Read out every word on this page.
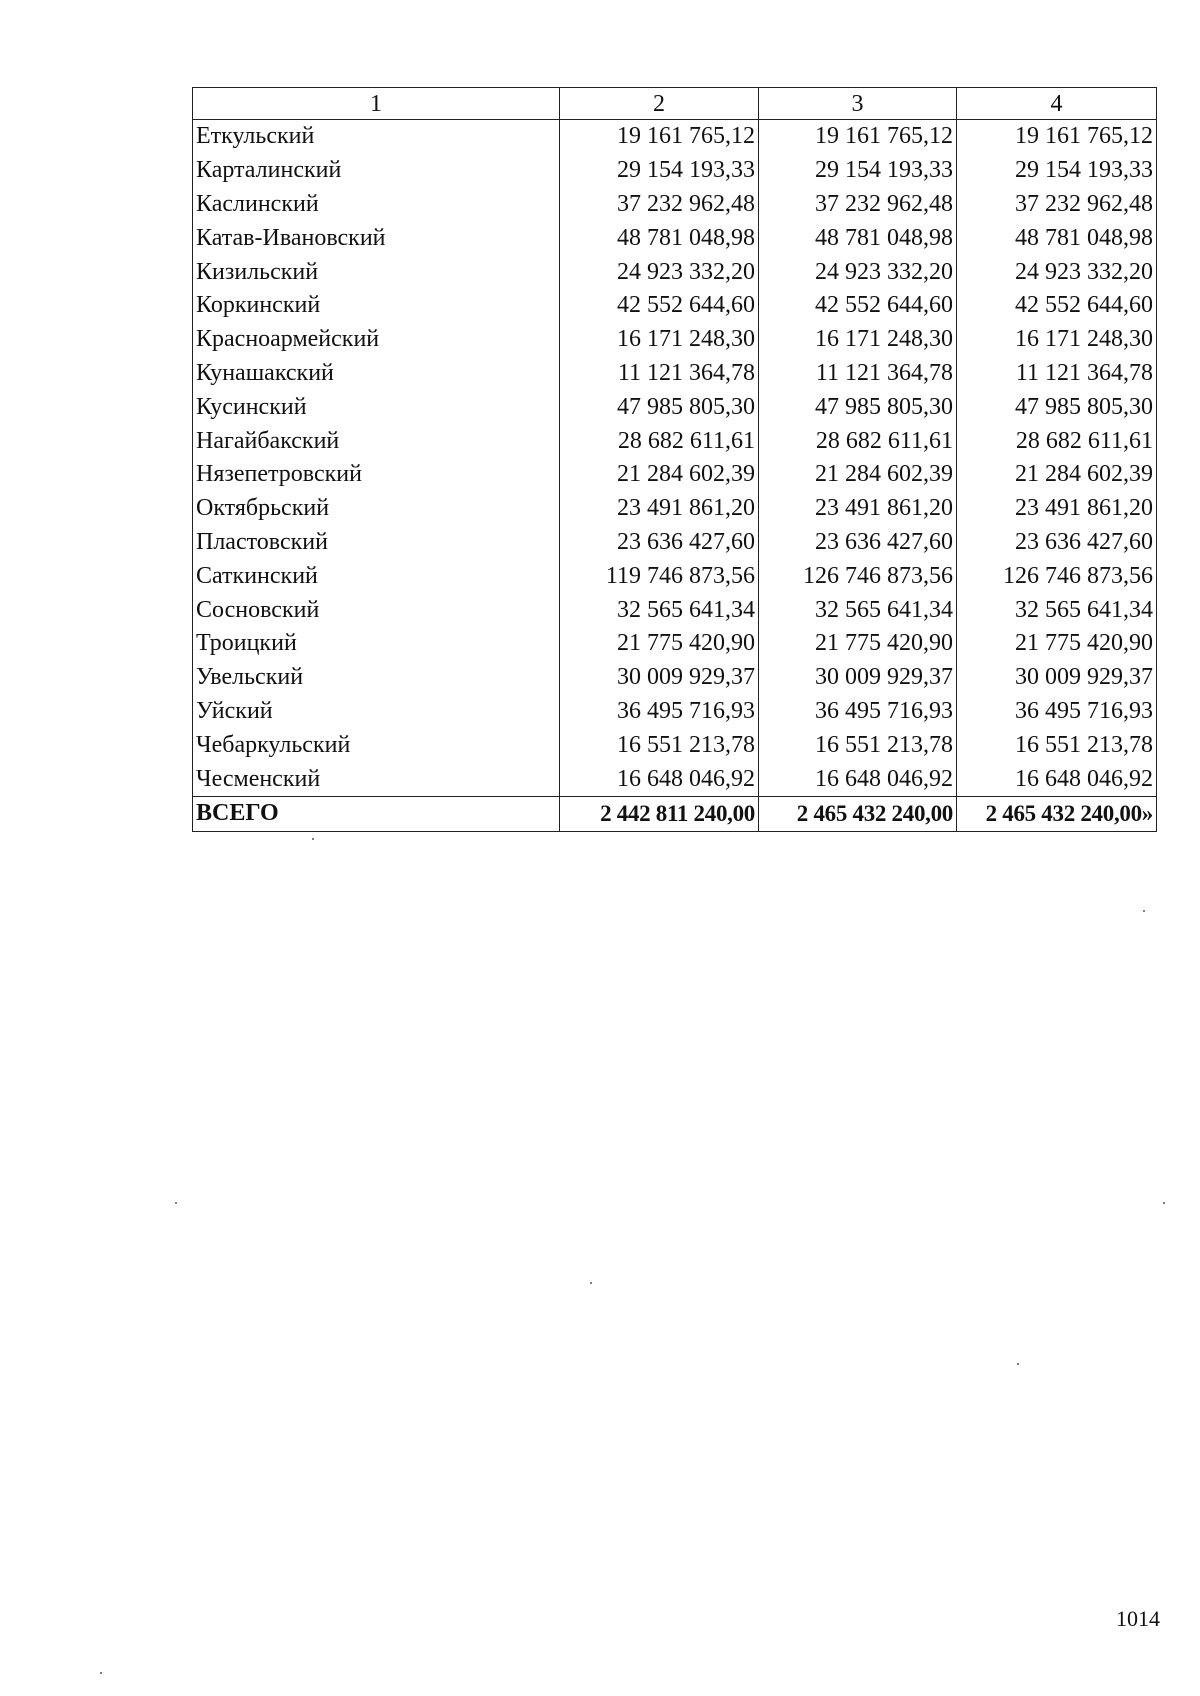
1	2	3	4
Еткульский	19 161 765,12	19 161 765,12	19 161 765,12
Карталинский	29 154 193,33	29 154 193,33	29 154 193,33
Каслинский	37 232 962,48	37 232 962,48	37 232 962,48
Катав-Ивановский	48 781 048,98	48 781 048,98	48 781 048,98
Кизильский	24 923 332,20	24 923 332,20	24 923 332,20
Коркинский	42 552 644,60	42 552 644,60	42 552 644,60
Красноармейский	16 171 248,30	16 171 248,30	16 171 248,30
Кунашакский	11 121 364,78	11 121 364,78	11 121 364,78
Кусинский	47 985 805,30	47 985 805,30	47 985 805,30
Нагайбакский	28 682 611,61	28 682 611,61	28 682 611,61
Нязепетровский	21 284 602,39	21 284 602,39	21 284 602,39
Октябрьский	23 491 861,20	23 491 861,20	23 491 861,20
Пластовский	23 636 427,60	23 636 427,60	23 636 427,60
Саткинский	119 746 873,56	126 746 873,56	126 746 873,56
Сосновский	32 565 641,34	32 565 641,34	32 565 641,34
Троицкий	21 775 420,90	21 775 420,90	21 775 420,90
Увельский	30 009 929,37	30 009 929,37	30 009 929,37
Уйский	36 495 716,93	36 495 716,93	36 495 716,93
Чебаркульский	16 551 213,78	16 551 213,78	16 551 213,78
Чесменский	16 648 046,92	16 648 046,92	16 648 046,92
ВСЕГО	2 442 811 240,00	2 465 432 240,00	2 465 432 240,00»
1014
